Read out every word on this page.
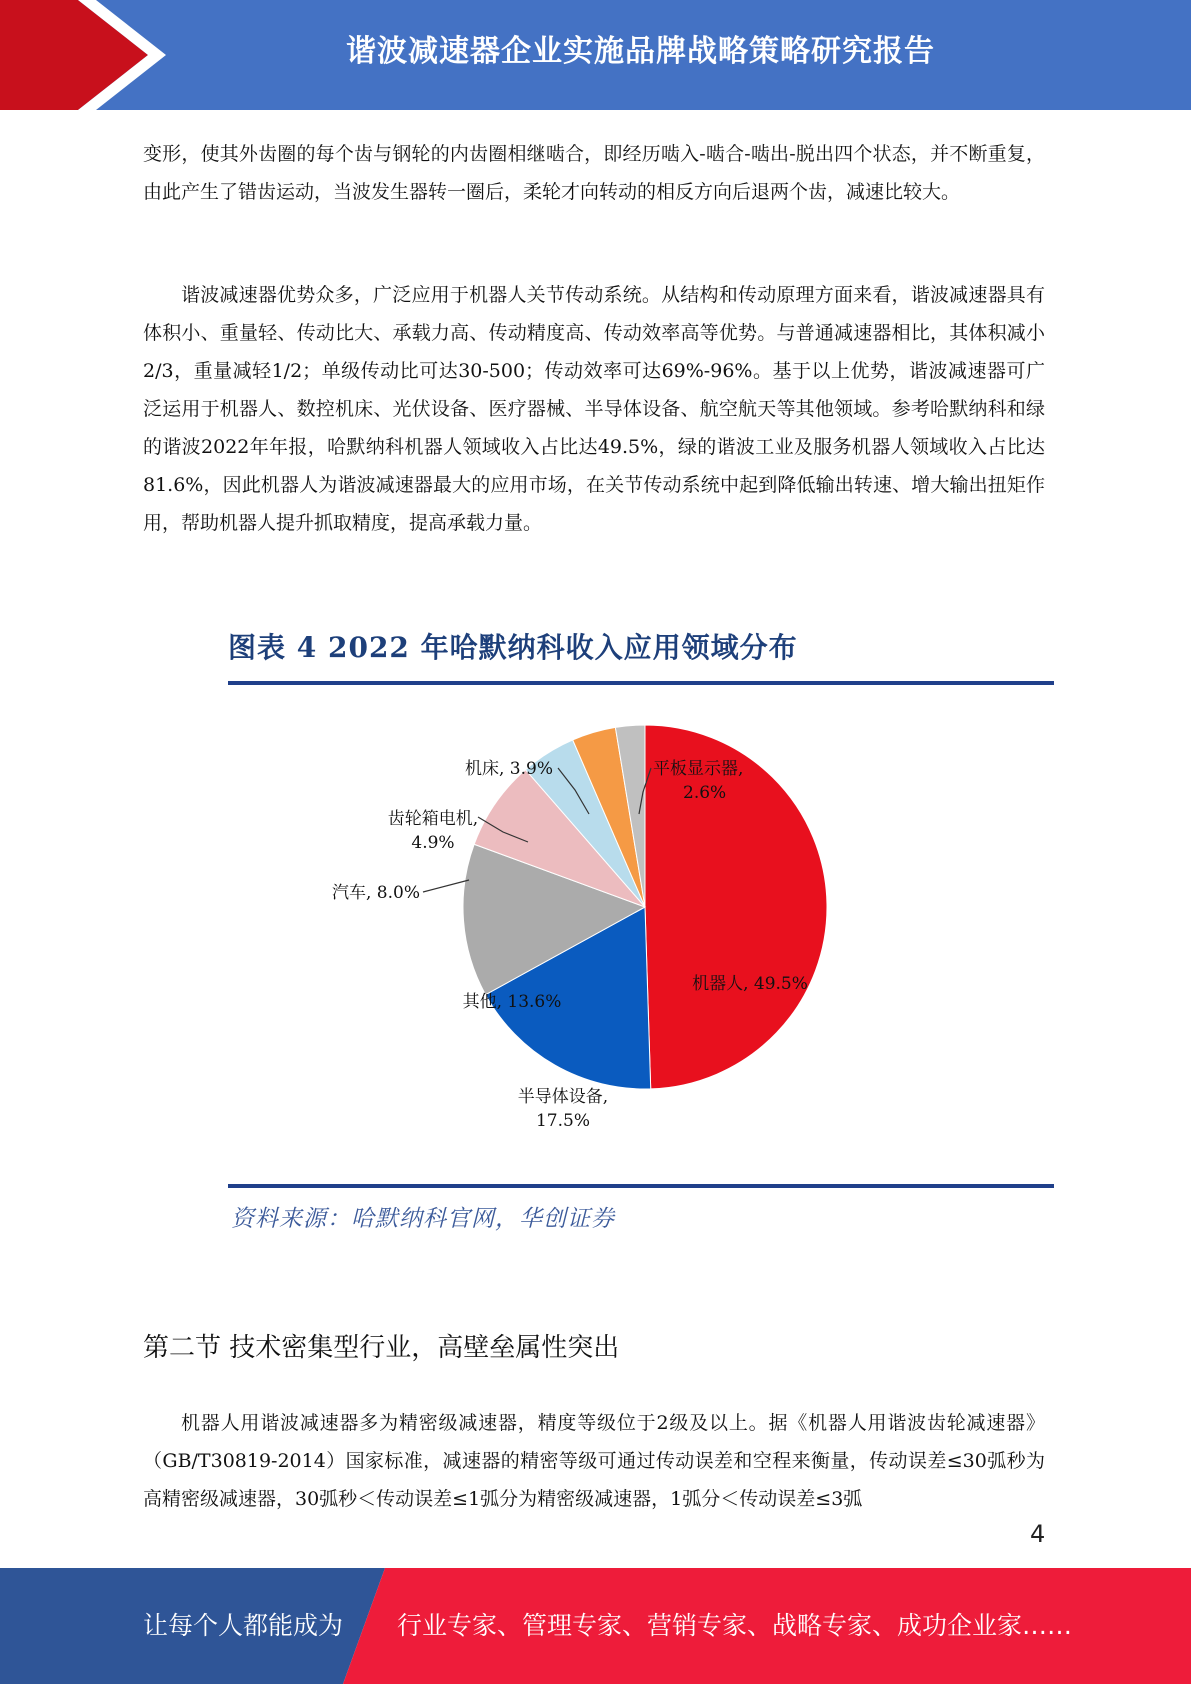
谐波减速器企业实施品牌战略策略研究报告

变形，使其外齿圈的每个齿与钢轮的内齿圈相继啮合，即经历啮入-啮合-啮出-脱出四个状态，并不断重复，由此产生了错齿运动，当波发生器转一圈后，柔轮才向转动的相反方向后退两个齿，减速比较大。

谐波减速器优势众多，广泛应用于机器人关节传动系统。从结构和传动原理方面来看，谐波减速器具有体积小、重量轻、传动比大、承载力高、传动精度高、传动效率高等优势。与普通减速器相比，其体积减小2/3，重量减轻1/2；单级传动比可达30-500；传动效率可达69%-96%。基于以上优势，谐波减速器可广泛运用于机器人、数控机床、光伏设备、医疗器械、半导体设备、航空航天等其他领域。参考哈默纳科和绿的谐波2022年年报，哈默纳科机器人领域收入占比达49.5%，绿的谐波工业及服务机器人领域收入占比达81.6%，因此机器人为谐波减速器最大的应用市场，在关节传动系统中起到降低输出转速、增大输出扭矩作用，帮助机器人提升抓取精度，提高承载力量。

图表 4 2022 年哈默纳科收入应用领域分布
机器人, 49.5%
半导体设备, 17.5%
其他, 13.6%
汽车, 8.0%
齿轮箱电机, 4.9%
机床, 3.9%	平板显示器, 2.6%
资料来源：哈默纳科官网，华创证券
第二节 技术密集型行业，高壁垒属性突出

机器人用谐波减速器多为精密级减速器，精度等级位于2级及以上。据《机器人用谐波齿轮减速器》（GB/T30819-2014）国家标准，减速器的精密等级可通过传动误差和空程来衡量，传动误差≤30弧秒为高精密级减速器，30弧秒＜传动误差≤1弧分为精密级减速器，1弧分＜传动误差≤3弧

4
让每个人都能成为 行业专家、管理专家、营销专家、战略专家、成功企业家……
